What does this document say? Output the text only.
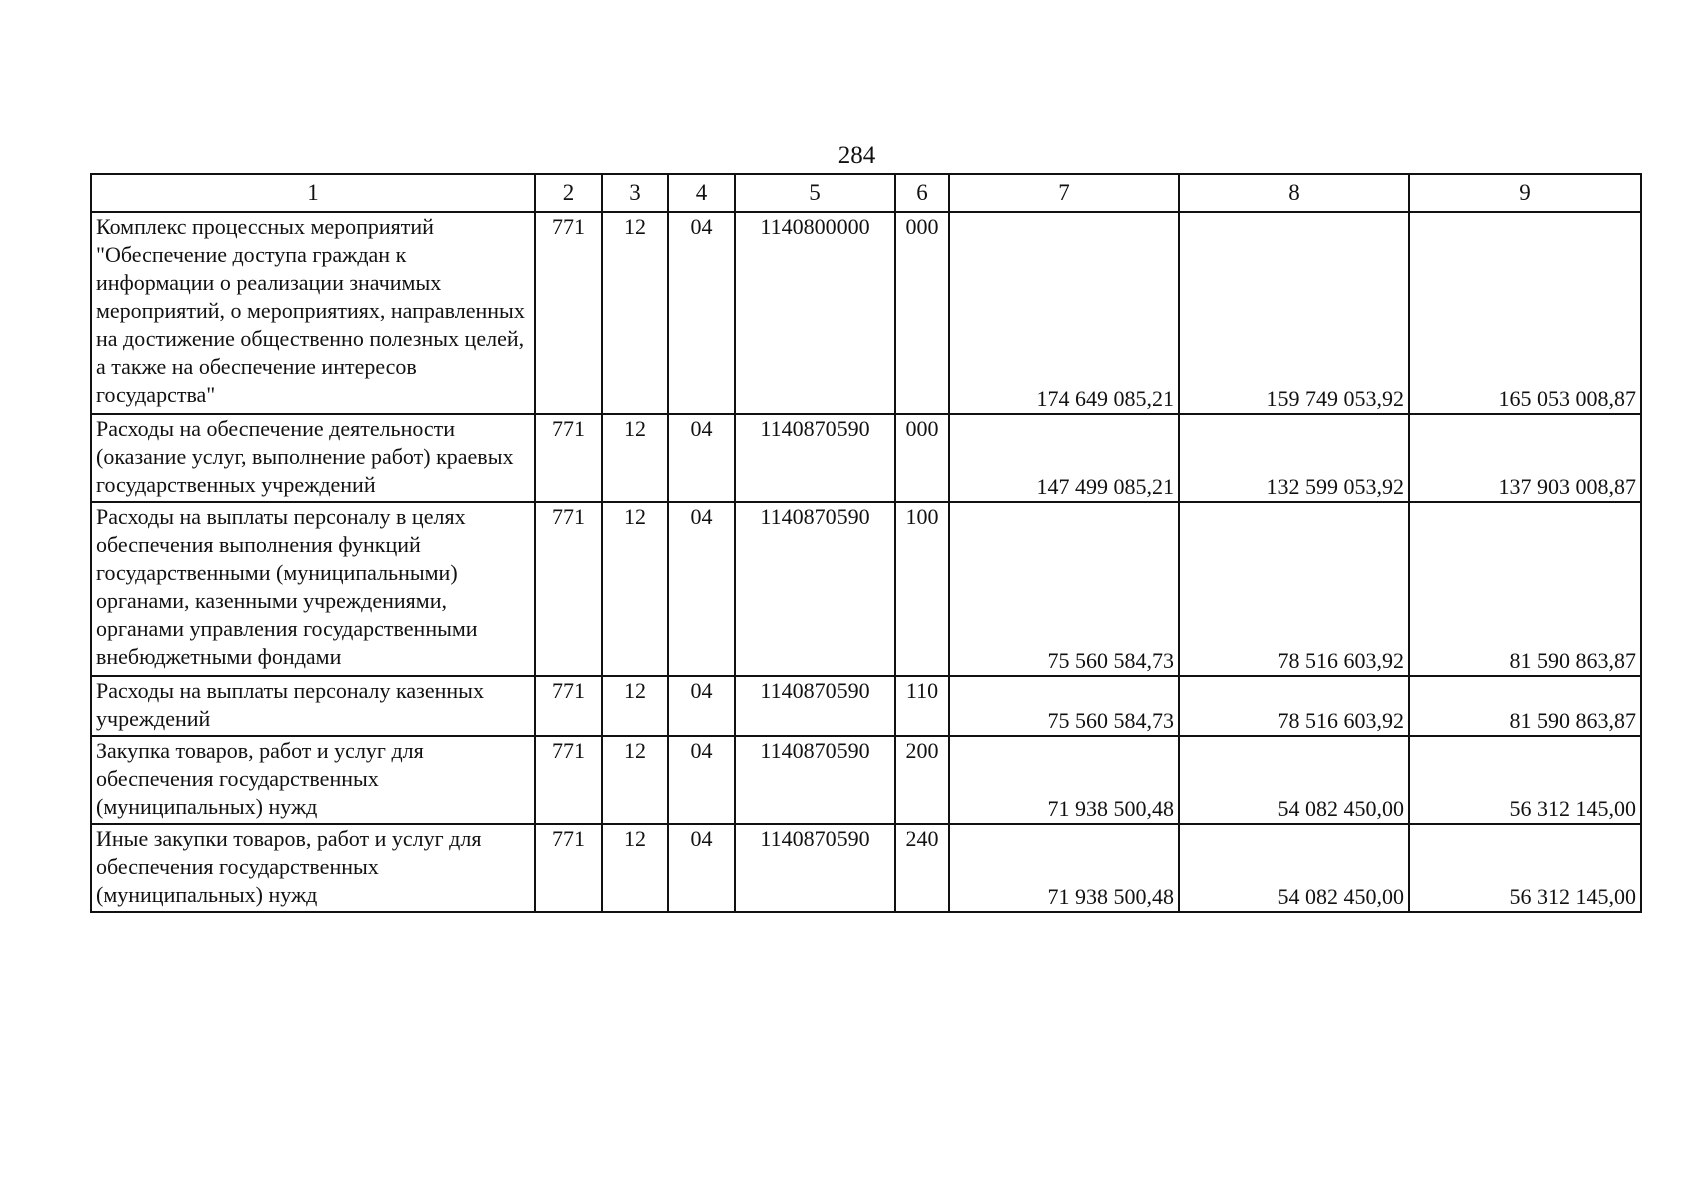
284
1	2	3	4	5	6	7	8	9
Комплекс процессных мероприятий "Обеспечение доступа граждан к информации о реализации значимых мероприятий, о мероприятиях, направленных на достижение общественно полезных целей, а также на обеспечение интересов государства"	771	12	04	1140800000	000	174 649 085,21	159 749 053,92	165 053 008,87
Расходы на обеспечение деятельности (оказание услуг, выполнение работ) краевых государственных учреждений	771	12	04	1140870590	000	147 499 085,21	132 599 053,92	137 903 008,87
Расходы на выплаты персоналу в целях обеспечения выполнения функций государственными (муниципальными) органами, казенными учреждениями, органами управления государственными внебюджетными фондами	771	12	04	1140870590	100	75 560 584,73	78 516 603,92	81 590 863,87
Расходы на выплаты персоналу казенных учреждений	771	12	04	1140870590	110	75 560 584,73	78 516 603,92	81 590 863,87
Закупка товаров, работ и услуг для обеспечения государственных (муниципальных) нужд	771	12	04	1140870590	200	71 938 500,48	54 082 450,00	56 312 145,00
Иные закупки товаров, работ и услуг для обеспечения государственных (муниципальных) нужд	771	12	04	1140870590	240	71 938 500,48	54 082 450,00	56 312 145,00
